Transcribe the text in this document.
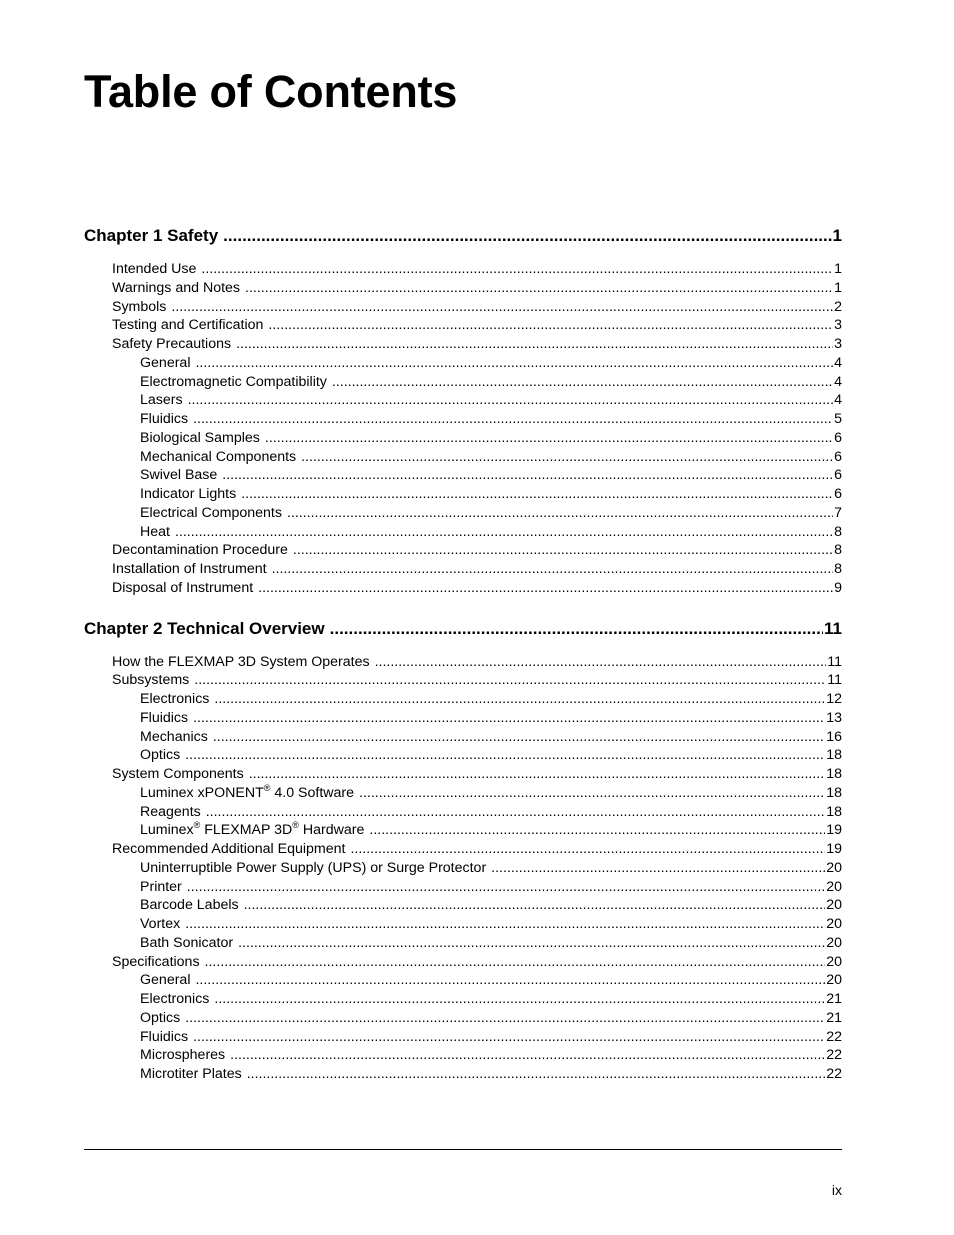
Table of Contents
Chapter 1 Safety .....	1
Intended Use .....	1
Warnings and Notes .....	1
Symbols .....	2
Testing and Certification .....	3
Safety Precautions .....	3
General .....	4
Electromagnetic Compatibility .....	4
Lasers .....	4
Fluidics .....	5
Biological Samples .....	6
Mechanical Components .....	6
Swivel Base .....	6
Indicator Lights .....	6
Electrical Components .....	7
Heat .....	8
Decontamination Procedure .....	8
Installation of Instrument .....	8
Disposal of Instrument .....	9
Chapter 2 Technical Overview .....	11
How the FLEXMAP 3D System Operates .....	11
Subsystems .....	11
Electronics .....	12
Fluidics .....	13
Mechanics .....	16
Optics .....	18
System Components .....	18
Luminex xPONENT® 4.0 Software .....	18
Reagents .....	18
Luminex® FLEXMAP 3D® Hardware .....	19
Recommended Additional Equipment .....	19
Uninterruptible Power Supply (UPS) or Surge Protector .....	20
Printer .....	20
Barcode Labels .....	20
Vortex .....	20
Bath Sonicator .....	20
Specifications .....	20
General .....	20
Electronics .....	21
Optics .....	21
Fluidics .....	22
Microspheres .....	22
Microtiter Plates .....	22
ix
